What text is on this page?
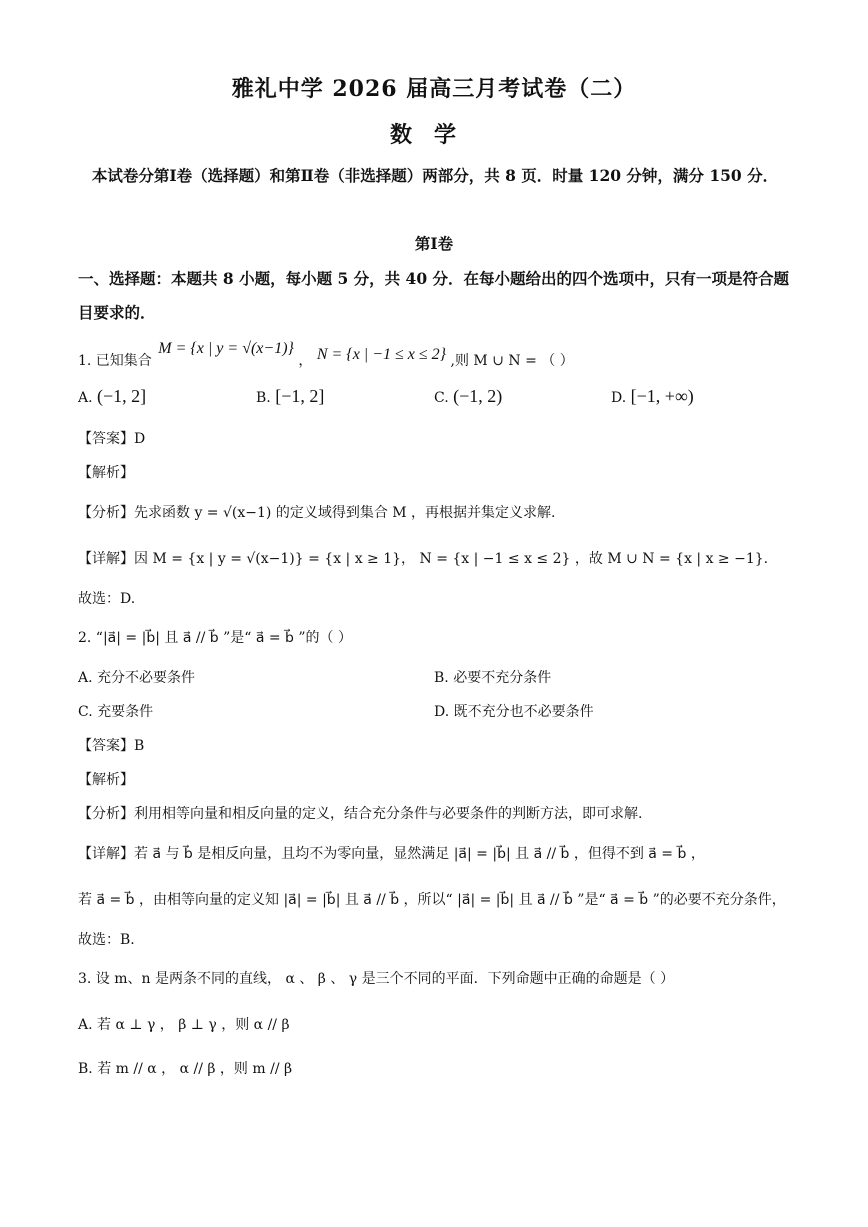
雅礼中学 2026 届高三月考试卷（二）
数学
本试卷分第Ⅰ卷（选择题）和第Ⅱ卷（非选择题）两部分，共 8 页．时量 120 分钟，满分 150 分．
第Ⅰ卷
一、选择题：本题共 8 小题，每小题 5 分，共 40 分．在每小题给出的四个选项中，只有一项是符合题目要求的．
1. 已知集合 M = {x | y = √(x−1)} ， N = {x | −1 ≤ x ≤ 2} ,则 M ∪ N = （ ）
A. (−1, 2]	B. [−1, 2]	C. (−1, 2)	D. [−1, +∞)
【答案】D
【解析】
【分析】先求函数 y = √(x−1) 的定义域得到集合 M ，再根据并集定义求解.
【详解】因 M = {x | y = √(x−1)} = {x | x ≥ 1}， N = {x | −1 ≤ x ≤ 2} ，故 M ∪ N = {x | x ≥ −1}.
故选：D.
2. “|a⃗| = |b⃗| 且 a⃗ // b⃗ ”是“ a⃗ = b⃗ ”的（ ）
A. 充分不必要条件	B. 必要不充分条件
C. 充要条件	D. 既不充分也不必要条件
【答案】B
【解析】
【分析】利用相等向量和相反向量的定义，结合充分条件与必要条件的判断方法，即可求解.
【详解】若 a⃗ 与 b⃗ 是相反向量，且均不为零向量，显然满足 |a⃗| = |b⃗| 且 a⃗ // b⃗ ，但得不到 a⃗ = b⃗ ，
若 a⃗ = b⃗ ，由相等向量的定义知 |a⃗| = |b⃗| 且 a⃗ // b⃗ ，所以“ |a⃗| = |b⃗| 且 a⃗ // b⃗ ”是“ a⃗ = b⃗ ”的必要不充分条件，
故选：B.
3. 设 m、n 是两条不同的直线， α 、 β 、 γ 是三个不同的平面．下列命题中正确的命题是（ ）
A. 若 α ⊥ γ ， β ⊥ γ ，则 α // β
B. 若 m // α ， α // β ，则 m // β
